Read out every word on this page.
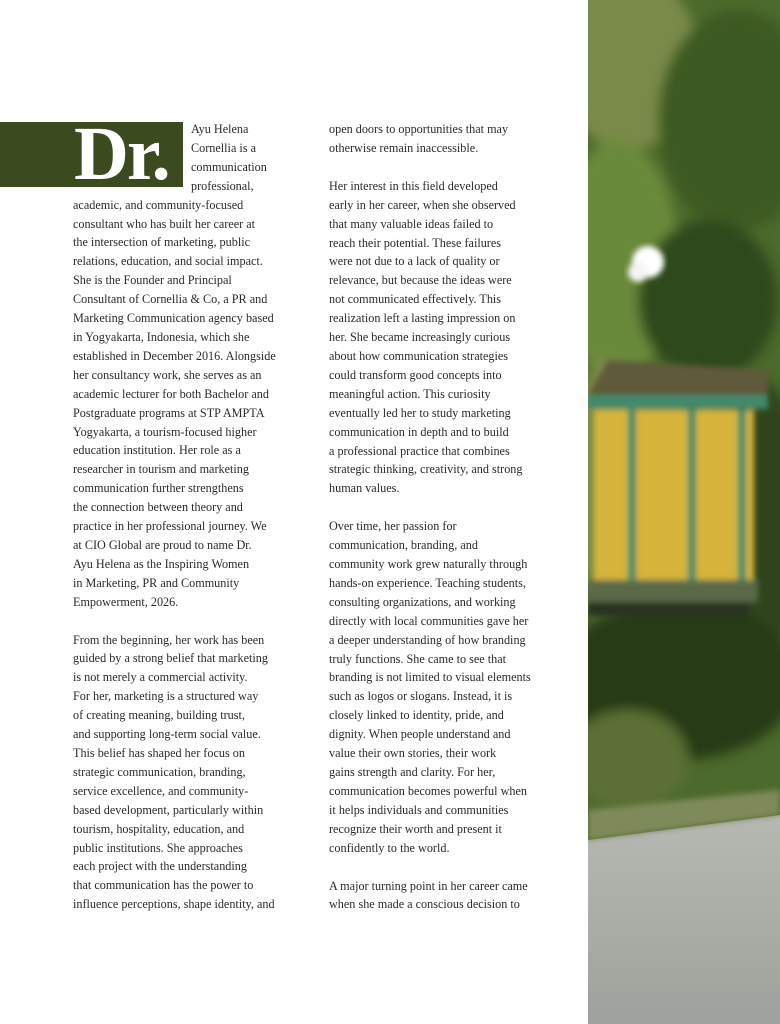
Dr.	Ayu Helena
Cornellia is a
communication
professional,
academic, and community-focused
consultant who has built her career at
the intersection of marketing, public
relations, education, and social impact.
She is the Founder and Principal
Consultant of Cornellia & Co, a PR and
Marketing Communication agency based
in Yogyakarta, Indonesia, which she
established in December 2016. Alongside
her consultancy work, she serves as an
academic lecturer for both Bachelor and
Postgraduate programs at STP AMPTA
Yogyakarta, a tourism-focused higher
education institution. Her role as a
researcher in tourism and marketing
communication further strengthens
the connection between theory and
practice in her professional journey. We
at CIO Global are proud to name Dr.
Ayu Helena as the Inspiring Women
in Marketing, PR and Community
Empowerment, 2026.
From the beginning, her work has been
guided by a strong belief that marketing
is not merely a commercial activity.
For her, marketing is a structured way
of creating meaning, building trust,
and supporting long-term social value.
This belief has shaped her focus on
strategic communication, branding,
service excellence, and community-
based development, particularly within
tourism, hospitality, education, and
public institutions. She approaches
each project with the understanding
that communication has the power to
influence perceptions, shape identity, and
open doors to opportunities that may
otherwise remain inaccessible.
Her interest in this field developed
early in her career, when she observed
that many valuable ideas failed to
reach their potential. These failures
were not due to a lack of quality or
relevance, but because the ideas were
not communicated effectively. This
realization left a lasting impression on
her. She became increasingly curious
about how communication strategies
could transform good concepts into
meaningful action. This curiosity
eventually led her to study marketing
communication in depth and to build
a professional practice that combines
strategic thinking, creativity, and strong
human values.
Over time, her passion for
communication, branding, and
community work grew naturally through
hands-on experience. Teaching students,
consulting organizations, and working
directly with local communities gave her
a deeper understanding of how branding
truly functions. She came to see that
branding is not limited to visual elements
such as logos or slogans. Instead, it is
closely linked to identity, pride, and
dignity. When people understand and
value their own stories, their work
gains strength and clarity. For her,
communication becomes powerful when
it helps individuals and communities
recognize their worth and present it
confidently to the world.
A major turning point in her career came
when she made a conscious decision to
